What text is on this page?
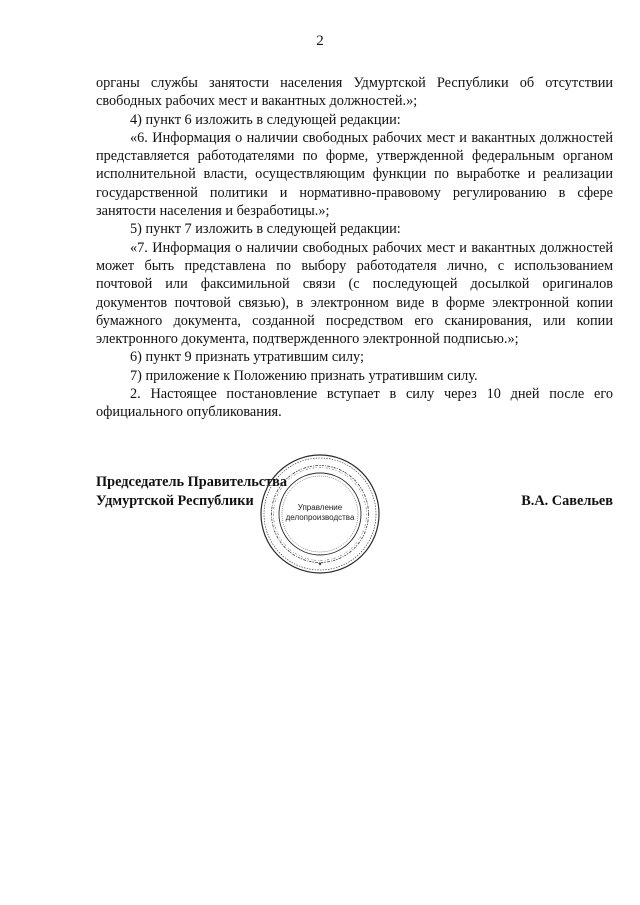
2

органы службы занятости населения Удмуртской Республики об отсутствии свободных рабочих мест и вакантных должностей.»;

4) пункт 6 изложить в следующей редакции:

«6. Информация о наличии свободных рабочих мест и вакантных должностей представляется работодателями по форме, утвержденной федеральным органом исполнительной власти, осуществляющим функции по выработке и реализации государственной политики и нормативно-правовому регулированию в сфере занятости населения и безработицы.»;

5) пункт 7 изложить в следующей редакции:

«7. Информация о наличии свободных рабочих мест и вакантных должностей может быть представлена по выбору работодателя лично, с использованием почтовой или факсимильной связи (с последующей досылкой оригиналов документов почтовой связью), в электронном виде в форме электронной копии бумажного документа, созданной посредством его сканирования, или копии электронного документа, подтвержденного электронной подписью.»;

6) пункт 9 признать утратившим силу;

7) приложение к Положению признать утратившим силу.

2. Настоящее постановление вступает в силу через 10 дней после его официального опубликования.

Председатель Правительства
Удмуртской Республики	В.А. Савельев
Управление
делопроизводства
✦
